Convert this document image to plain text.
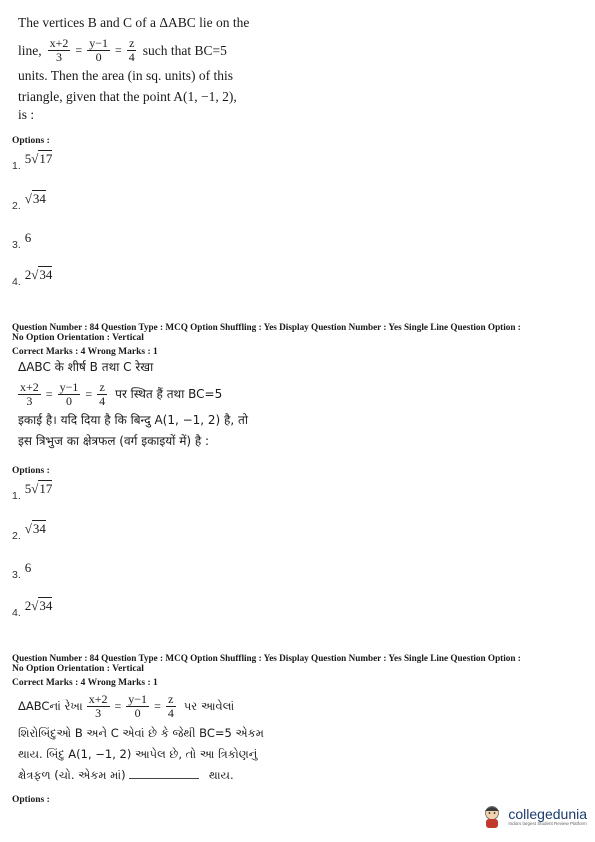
The vertices B and C of a ΔABC lie on the
line, $\frac{x+2}{3} = \frac{y-1}{0} = \frac{z}{4}$ such that BC=5
units. Then the area (in sq. units) of this
triangle, given that the point A(1, −1, 2),
is :
Options :
$_{1.}$ 5√17
$_{2.}$ √34
$_{3.}$ 6
$_{4.}$ 2√34
Question Number : 84 Question Type : MCQ Option Shuffling : Yes Display Question Number : Yes Single Line Question Option :
No Option Orientation : Vertical
Correct Marks : 4 Wrong Marks : 1
ΔABC के शीर्ष B तथा C रेखा
$\frac{x+2}{3} = \frac{y-1}{0} = \frac{z}{4}$ पर स्थित हैं तथा BC=5
इकाई है। यदि दिया है कि बिन्दु A(1, −1, 2) है, तो
इस त्रिभुज का क्षेत्रफल (वर्ग इकाइयों में) है :
Options :
$_{1.}$ 5√17
$_{2.}$ √34
$_{3.}$ 6
$_{4.}$ 2√34
Question Number : 84 Question Type : MCQ Option Shuffling : Yes Display Question Number : Yes Single Line Question Option :
No Option Orientation : Vertical
Correct Marks : 4 Wrong Marks : 1
ΔABCનાં રેખા $\frac{x+2}{3} = \frac{y-1}{0} = \frac{z}{4}$ પર આવેલાં
શિરોબિંદુઓ B અને C એવાં છે કે જેથી BC=5 એકમ
થાય. બિંદુ A(1, −1, 2) આપેલ છે, તો આ ત્રિકોણનું
ક્ષેત્રફળ (ચો. એકમ માં)	થાય.
Options :
collegedunia
India's largest Student Review Platform
